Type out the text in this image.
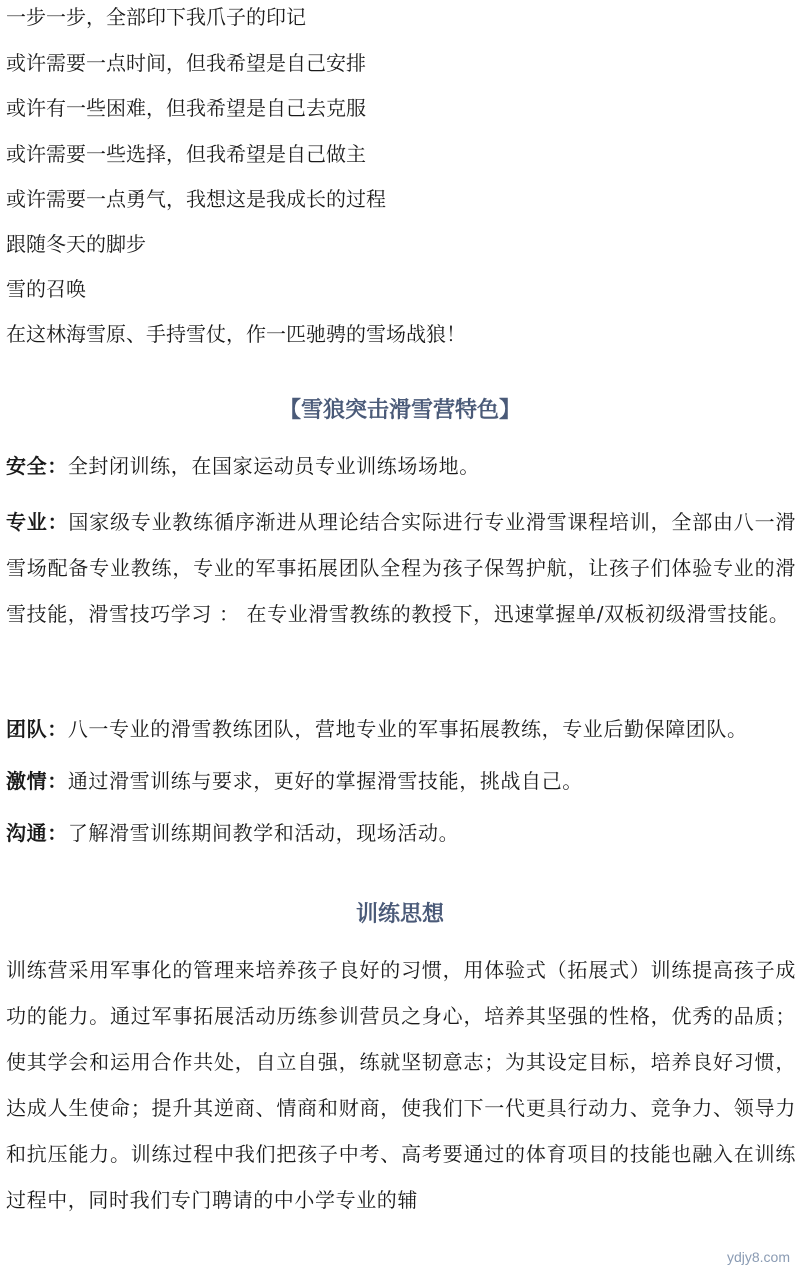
一步一步，全部印下我爪子的印记
或许需要一点时间，但我希望是自己安排
或许有一些困难，但我希望是自己去克服
或许需要一些选择，但我希望是自己做主
或许需要一点勇气，我想这是我成长的过程
跟随冬天的脚步
雪的召唤
在这林海雪原、手持雪仗，作一匹驰骋的雪场战狼！
【雪狼突击滑雪营特色】
安全：全封闭训练，在国家运动员专业训练场场地。
专业：国家级专业教练循序渐进从理论结合实际进行专业滑雪课程培训，全部由八一滑雪场配备专业教练，专业的军事拓展团队全程为孩子保驾护航，让孩子们体验专业的滑雪技能，滑雪技巧学习 ： 在专业滑雪教练的教授下，迅速掌握单/双板初级滑雪技能。
团队：八一专业的滑雪教练团队，营地专业的军事拓展教练，专业后勤保障团队。
激情：通过滑雪训练与要求，更好的掌握滑雪技能，挑战自己。
沟通：了解滑雪训练期间教学和活动，现场活动。
训练思想
训练营采用军事化的管理来培养孩子良好的习惯，用体验式（拓展式）训练提高孩子成功的能力。通过军事拓展活动历练参训营员之身心，培养其坚强的性格，优秀的品质；使其学会和运用合作共处，自立自强，练就坚韧意志；为其设定目标，培养良好习惯，达成人生使命；提升其逆商、情商和财商，使我们下一代更具行动力、竞争力、领导力和抗压能力。训练过程中我们把孩子中考、高考要通过的体育项目的技能也融入在训练过程中，同时我们专门聘请的中小学专业的辅
ydjy8.com
